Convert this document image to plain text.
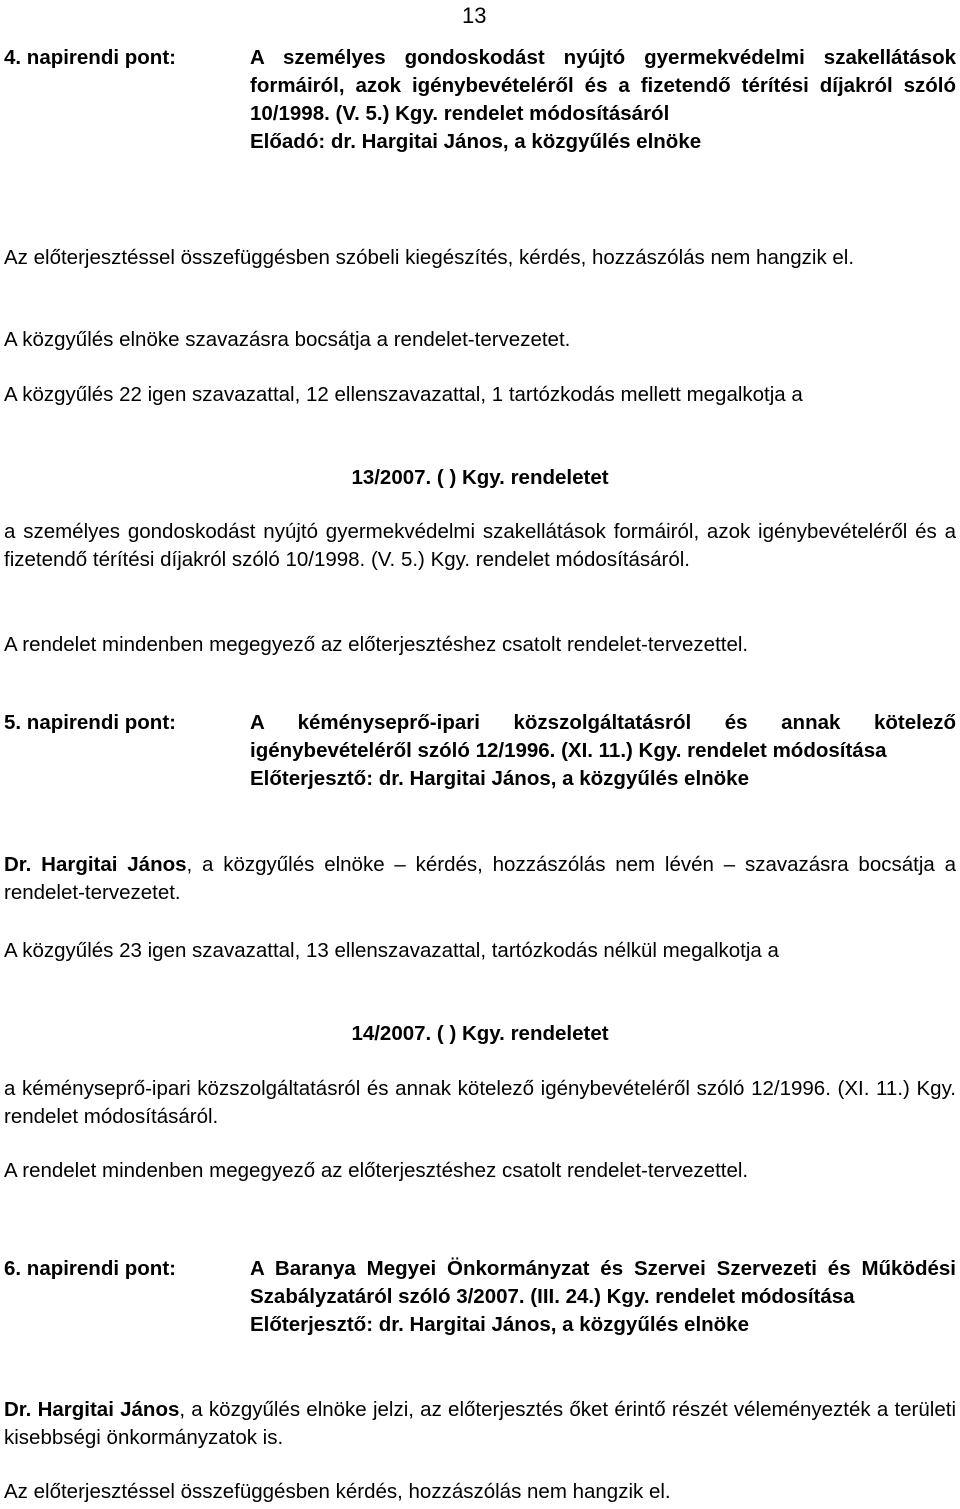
13
4. napirendi pont:	A személyes gondoskodást nyújtó gyermekvédelmi szakellátások formáiról, azok igénybevételéről és a fizetendő térítési díjakról szóló 10/1998. (V. 5.) Kgy. rendelet módosításáról
Előadó: dr. Hargitai János, a közgyűlés elnöke
Az előterjesztéssel összefüggésben szóbeli kiegészítés, kérdés, hozzászólás nem hangzik el.
A közgyűlés elnöke szavazásra bocsátja a rendelet-tervezetet.
A közgyűlés 22 igen szavazattal, 12 ellenszavazattal, 1 tartózkodás mellett megalkotja a
13/2007. ( ) Kgy. rendeletet
a személyes gondoskodást nyújtó gyermekvédelmi szakellátások formáiról, azok igénybevételéről és a fizetendő térítési díjakról szóló 10/1998. (V. 5.) Kgy. rendelet módosításáról.
A rendelet mindenben megegyező az előterjesztéshez csatolt rendelet-tervezettel.
5. napirendi pont:	A kéményseprő-ipari közszolgáltatásról és annak kötelező igénybevételéről szóló 12/1996. (XI. 11.) Kgy. rendelet módosítása
Előterjesztő: dr. Hargitai János, a közgyűlés elnöke
Dr. Hargitai János, a közgyűlés elnöke – kérdés, hozzászólás nem lévén – szavazásra bocsátja a rendelet-tervezetet.
A közgyűlés 23 igen szavazattal, 13 ellenszavazattal, tartózkodás nélkül megalkotja a
14/2007. ( ) Kgy. rendeletet
a kéményseprő-ipari közszolgáltatásról és annak kötelező igénybevételéről szóló 12/1996. (XI. 11.) Kgy. rendelet módosításáról.
A rendelet mindenben megegyező az előterjesztéshez csatolt rendelet-tervezettel.
6. napirendi pont:	A Baranya Megyei Önkormányzat és Szervei Szervezeti és Működési Szabályzatáról szóló 3/2007. (III. 24.) Kgy. rendelet módosítása
Előterjesztő: dr. Hargitai János, a közgyűlés elnöke
Dr. Hargitai János, a közgyűlés elnöke jelzi, az előterjesztés őket érintő részét véleményezték a területi kisebbségi önkormányzatok is.
Az előterjesztéssel összefüggésben kérdés, hozzászólás nem hangzik el.
